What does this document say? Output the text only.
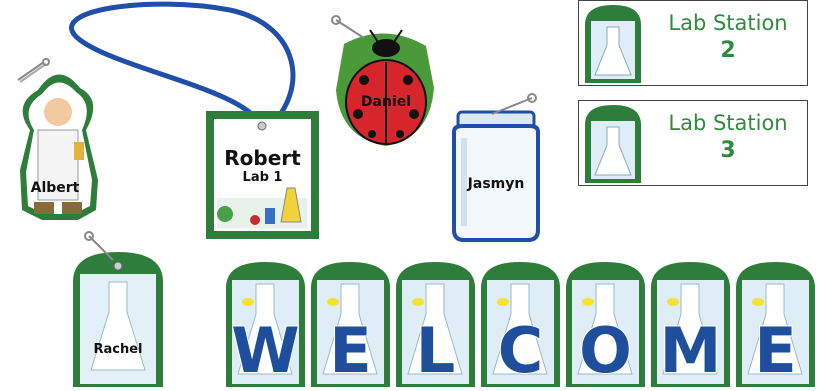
Albert
Robert
Lab 1
Daniel
Jasmyn
Lab Station
2
Lab Station
3
Rachel	W E L C O M E
